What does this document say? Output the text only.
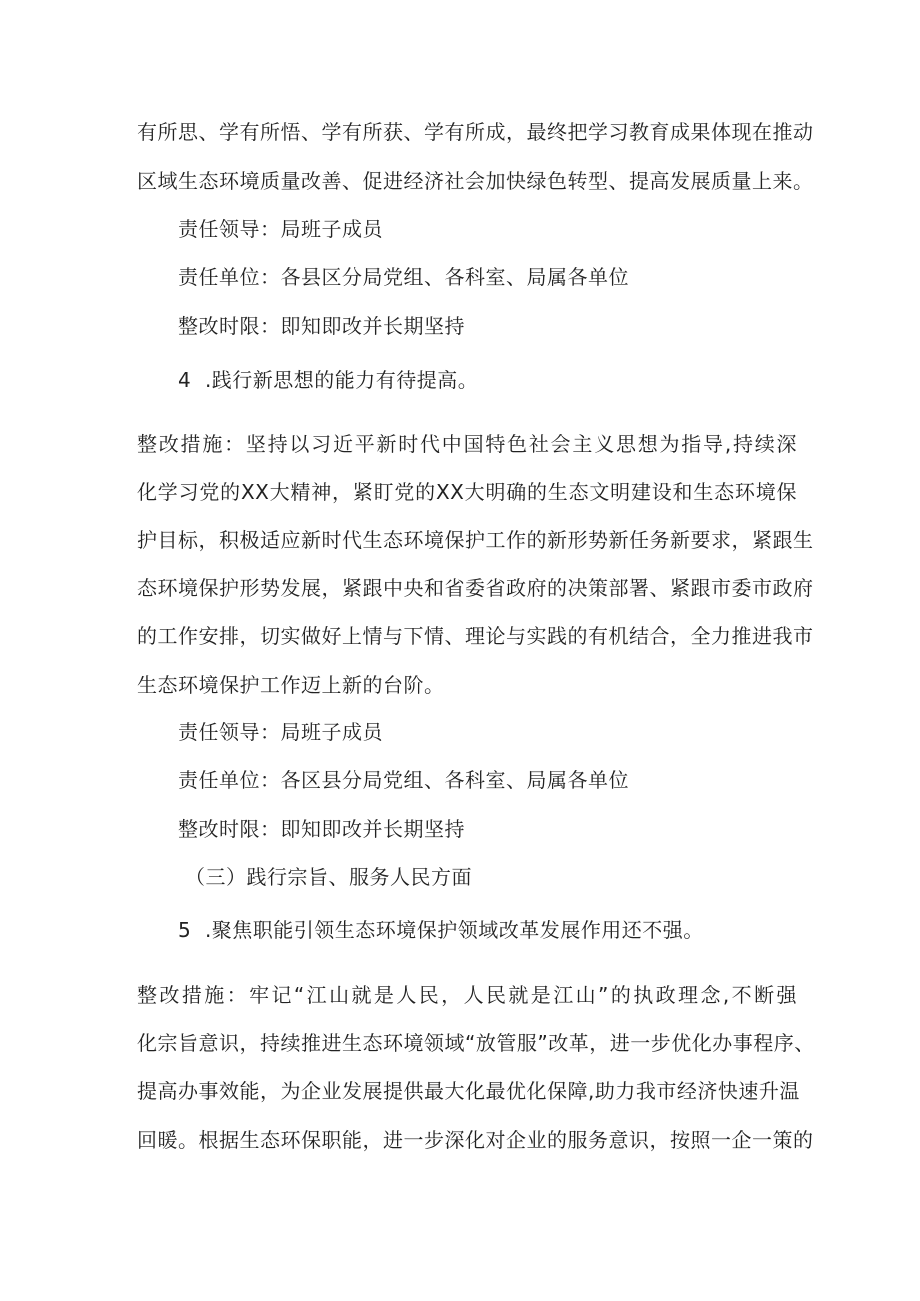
有所思、学有所悟、学有所获、学有所成，最终把学习教育成果体现在推动
区域生态环境质量改善、促进经济社会加快绿色转型、提高发展质量上来。
责任领导：局班子成员
责任单位：各县区分局党组、各科室、局属各单位
整改时限：即知即改并长期坚持
4  .践行新思想的能力有待提高。
整改措施：坚持以习近平新时代中国特色社会主义思想为指导,持续深
化学习党的XX大精神，紧盯党的XX大明确的生态文明建设和生态环境保
护目标，积极适应新时代生态环境保护工作的新形势新任务新要求，紧跟生
态环境保护形势发展，紧跟中央和省委省政府的决策部署、紧跟市委市政府
的工作安排，切实做好上情与下情、理论与实践的有机结合，全力推进我市
生态环境保护工作迈上新的台阶。
责任领导：局班子成员
责任单位：各区县分局党组、各科室、局属各单位
整改时限：即知即改并长期坚持
（三）践行宗旨、服务人民方面
5  .聚焦职能引领生态环境保护领域改革发展作用还不强。
整改措施：牢记“江山就是人民，人民就是江山”的执政理念,不断强
化宗旨意识，持续推进生态环境领域“放管服”改革，进一步优化办事程序、
提高办事效能，为企业发展提供最大化最优化保障,助力我市经济快速升温
回暖。根据生态环保职能，进一步深化对企业的服务意识，按照一企一策的
